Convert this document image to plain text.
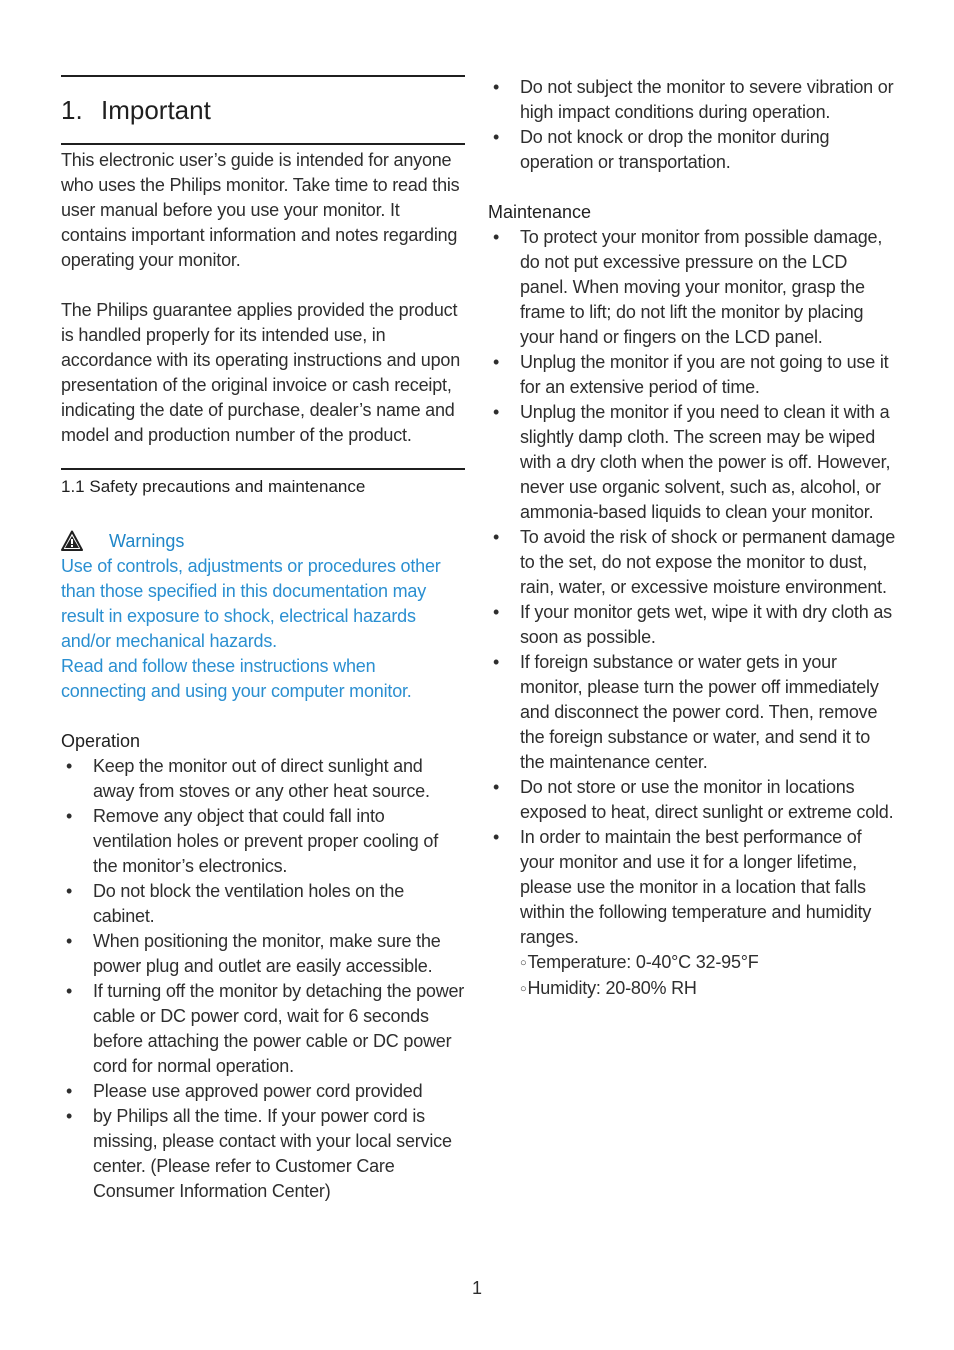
1. Important

This electronic user’s guide is intended for anyone who uses the Philips monitor. Take time to read this user manual before you use your monitor. It contains important information and notes regarding operating your monitor.

The Philips guarantee applies provided the product is handled properly for its intended use, in accordance with its operating instructions and upon presentation of the original invoice or cash receipt, indicating the date of purchase, dealer’s name and model and production number of the product.

1.1 Safety precautions and maintenance

Warnings

Use of controls, adjustments or procedures other than those specified in this documentation may result in exposure to shock, electrical hazards and/or mechanical hazards.

Read and follow these instructions when connecting and using your computer monitor.

Operation

• Keep the monitor out of direct sunlight and away from stoves or any other heat source.
• Remove any object that could fall into ventilation holes or prevent proper cooling of the monitor’s electronics.
• Do not block the ventilation holes on the cabinet.
• When positioning the monitor, make sure the power plug and outlet are easily accessible.
• If turning off the monitor by detaching the power cable or DC power cord, wait for 6 seconds before attaching the power cable or DC power cord for normal operation.
• Please use approved power cord provided
• by Philips all the time. If your power cord is missing, please contact with your local service center. (Please refer to Customer Care Consumer Information Center)
• Do not subject the monitor to severe vibration or high impact conditions during operation.
• Do not knock or drop the monitor during operation or transportation.

Maintenance

• To protect your monitor from possible damage, do not put excessive pressure on the LCD panel. When moving your monitor, grasp the frame to lift; do not lift the monitor by placing your hand or fingers on the LCD panel.
• Unplug the monitor if you are not going to use it for an extensive period of time.
• Unplug the monitor if you need to clean it with a slightly damp cloth. The screen may be wiped with a dry cloth when the power is off. However, never use organic solvent, such as, alcohol, or ammonia-based liquids to clean your monitor.
• To avoid the risk of shock or permanent damage to the set, do not expose the monitor to dust, rain, water, or excessive moisture environment.
• If your monitor gets wet, wipe it with dry cloth as soon as possible.
• If foreign substance or water gets in your monitor, please turn the power off immediately and disconnect the power cord. Then, remove the foreign substance or water, and send it to the maintenance center.
• Do not store or use the monitor in locations exposed to heat, direct sunlight or extreme cold.
• In order to maintain the best performance of your monitor and use it for a longer lifetime, please use the monitor in a location that falls within the following temperature and humidity ranges.
○Temperature: 0-40°C 32-95°F
○Humidity: 20-80% RH
1
